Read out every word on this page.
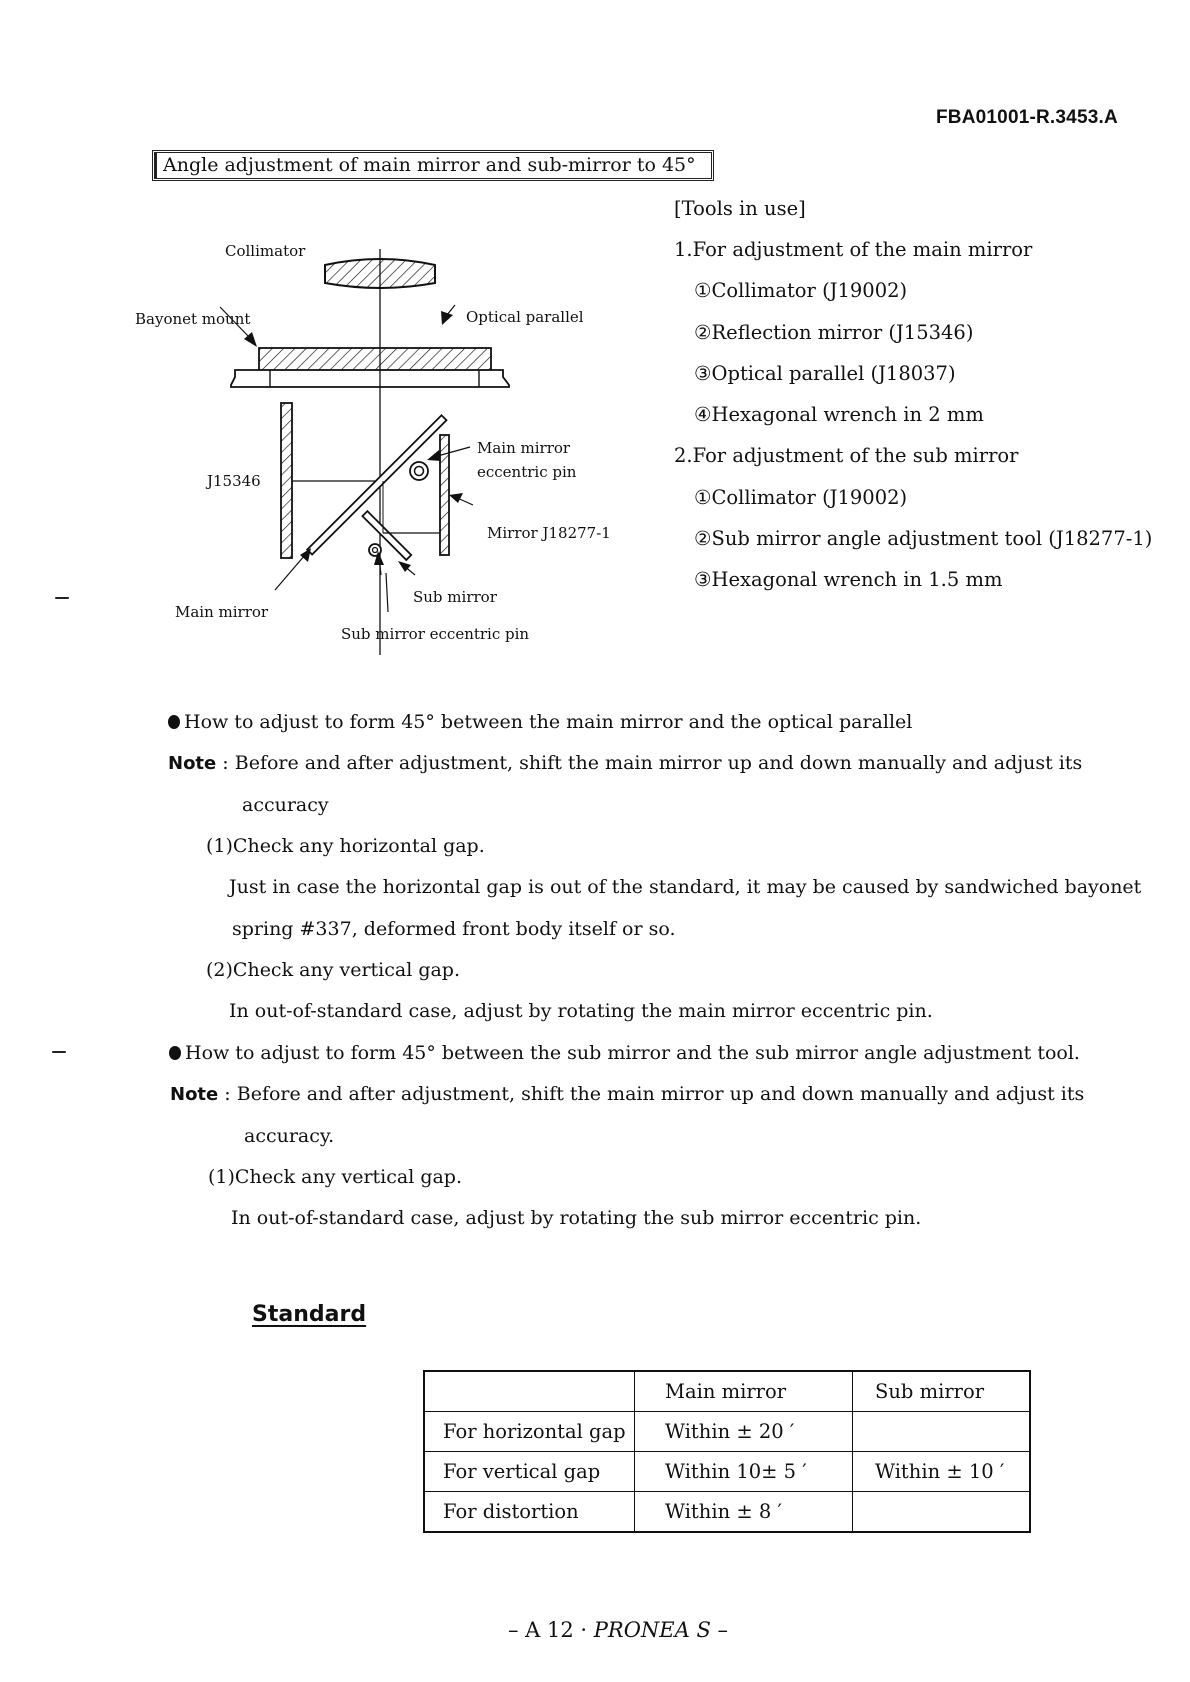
FBA01001-R.3453.A
Angle adjustment of main mirror and sub-mirror to 45°
Collimator
Bayonet mount	Optical parallel
J15346
Main mirror
eccentric pin
Mirror J18277-1
Sub mirror
Main mirror
Sub mirror eccentric pin
[Tools in use]
1.For adjustment of the main mirror
①Collimator (J19002)
②Reflection mirror (J15346)
③Optical parallel (J18037)
④Hexagonal wrench in 2 mm
2.For adjustment of the sub mirror
①Collimator (J19002)
②Sub mirror angle adjustment tool (J18277-1)
③Hexagonal wrench in 1.5 mm
How to adjust to form 45° between the main mirror and the optical parallel
Note : Before and after adjustment, shift the main mirror up and down manually and adjust its
accuracy
(1)Check any horizontal gap.
Just in case the horizontal gap is out of the standard, it may be caused by sandwiched bayonet
spring #337, deformed front body itself or so.
(2)Check any vertical gap.
In out-of-standard case, adjust by rotating the main mirror eccentric pin.
How to adjust to form 45° between the sub mirror and the sub mirror angle adjustment tool.
Note : Before and after adjustment, shift the main mirror up and down manually and adjust its
accuracy.
(1)Check any vertical gap.
In out-of-standard case, adjust by rotating the sub mirror eccentric pin.
Standard
	Main mirror	Sub mirror
For horizontal gap	Within ± 20 ′	
For vertical gap	Within 10± 5 ′	Within ± 10 ′
For distortion	Within ± 8 ′	
– A 12 · PRONEA S –
